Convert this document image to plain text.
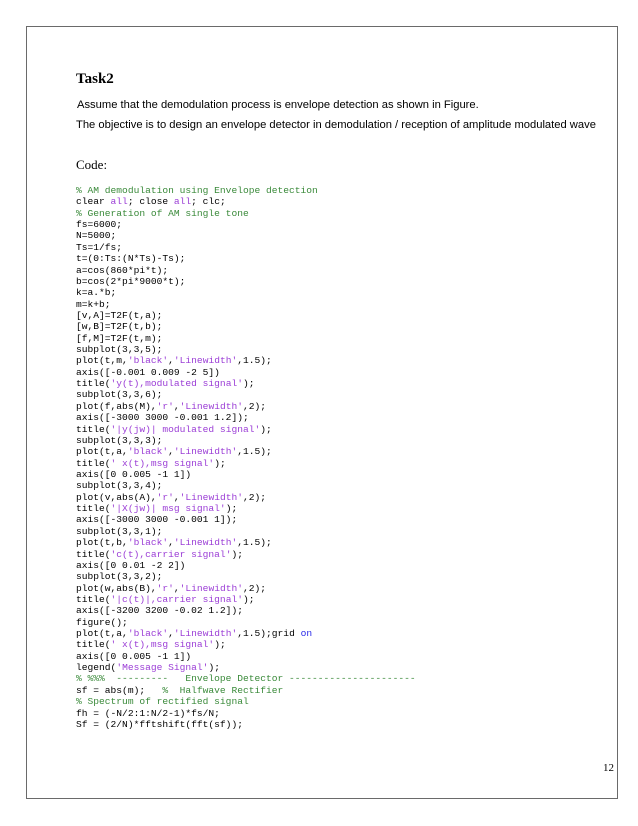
Task2
Assume that the demodulation process is envelope detection as shown in Figure.
The objective is to design an envelope detector in demodulation / reception of amplitude modulated wave
Code:
% AM demodulation using Envelope detection
clear all; close all; clc;
% Generation of AM single tone
fs=6000;
N=5000;
Ts=1/fs;
t=(0:Ts:(N*Ts)-Ts);
a=cos(860*pi*t);
b=cos(2*pi*9000*t);
k=a.*b;
m=k+b;
[v,A]=T2F(t,a);
[w,B]=T2F(t,b);
[f,M]=T2F(t,m);
subplot(3,3,5);
plot(t,m,'black','Linewidth',1.5);
axis([-0.001 0.009 -2 5])
title('y(t),modulated signal');
subplot(3,3,6);
plot(f,abs(M),'r','Linewidth',2);
axis([-3000 3000 -0.001 1.2]);
title('|y(jw)| modulated signal');
subplot(3,3,3);
plot(t,a,'black','Linewidth',1.5);
title(' x(t),msg signal');
axis([0 0.005 -1 1])
subplot(3,3,4);
plot(v,abs(A),'r','Linewidth',2);
title('|X(jw)| msg signal');
axis([-3000 3000 -0.001 1]);
subplot(3,3,1);
plot(t,b,'black','Linewidth',1.5);
title('c(t),carrier signal');
axis([0 0.01 -2 2])
subplot(3,3,2);
plot(w,abs(B),'r','Linewidth',2);
title('|c(t)|,carrier signal');
axis([-3200 3200 -0.02 1.2]);
figure();
plot(t,a,'black','Linewidth',1.5);grid on
title(' x(t),msg signal');
axis([0 0.005 -1 1])
legend('Message Signal');
% %%%  ---------   Envelope Detector ----------------------
sf = abs(m);   %  Halfwave Rectifier
% Spectrum of rectified signal
fh = (-N/2:1:N/2-1)*fs/N;
Sf = (2/N)*fftshift(fft(sf));
12
